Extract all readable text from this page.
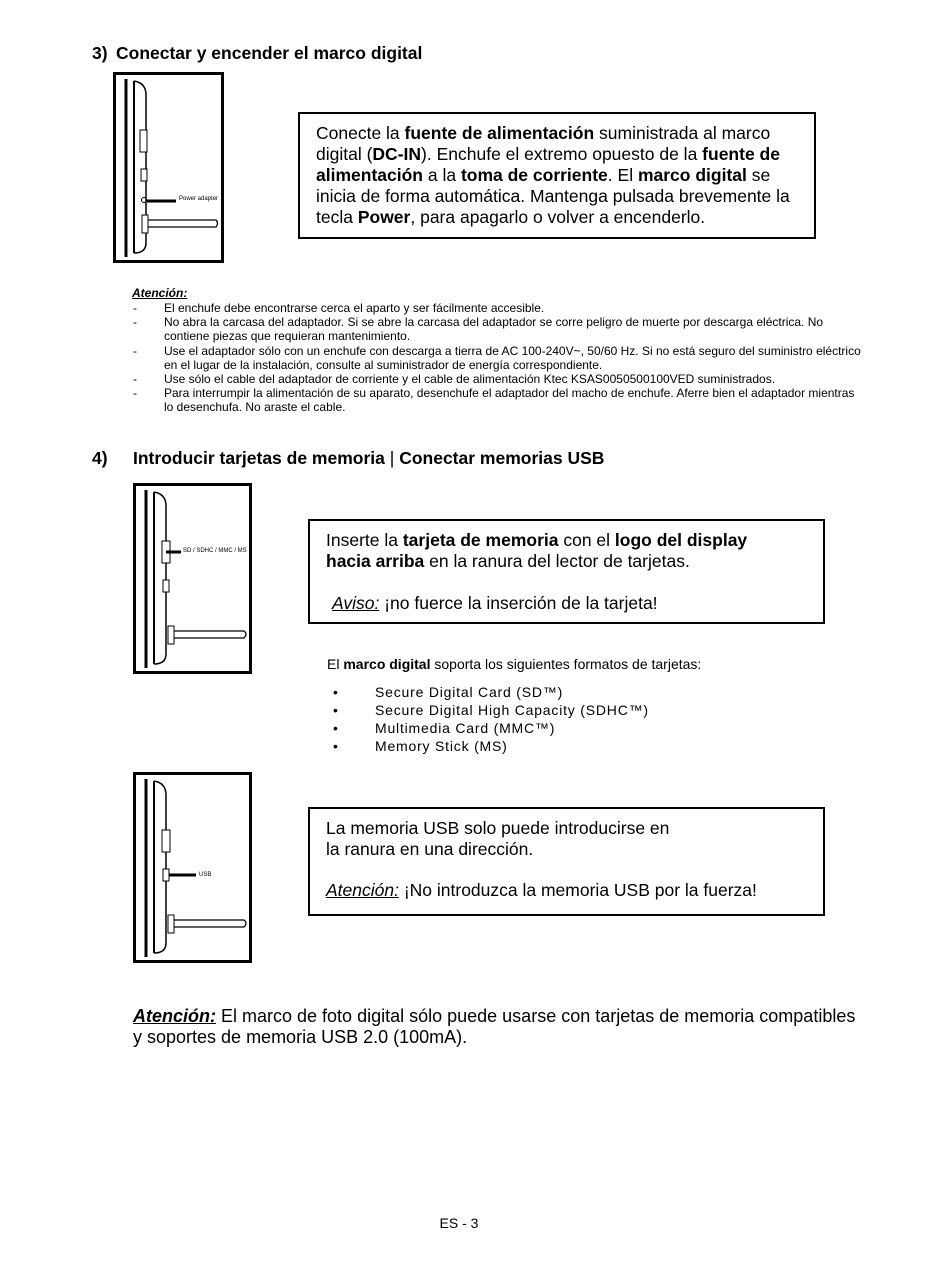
3) Conectar y encender el marco digital
Power adapter
Conecte la fuente de alimentación suministrada al marco digital (DC-IN). Enchufe el extremo opuesto de la fuente de alimentación a la toma de corriente. El marco digital se inicia de forma automática. Mantenga pulsada brevemente la tecla Power, para apagarlo o volver a encenderlo.
Atención:
- El enchufe debe encontrarse cerca el aparto y ser fácilmente accesible.
- No abra la carcasa del adaptador. Si se abre la carcasa del adaptador se corre peligro de muerte por descarga eléctrica. No contiene piezas que requieran mantenimiento.
- Use el adaptador sólo con un enchufe con descarga a tierra de AC 100-240V~, 50/60 Hz. Si no está seguro del suministro eléctrico en el lugar de la instalación, consulte al suministrador de energía correspondiente.
- Use sólo el cable del adaptador de corriente y el cable de alimentación Ktec KSAS0050500100VED suministrados.
- Para interrumpir la alimentación de su aparato, desenchufe el adaptador del macho de enchufe. Aferre bien el adaptador mientras lo desenchufa. No araste el cable.
4) Introducir tarjetas de memoria | Conectar memorias USB
SD / SDHC / MMC / MS
Inserte la tarjeta de memoria con el logo del display
hacia arriba en la ranura del lector de tarjetas.
Aviso: ¡no fuerce la inserción de la tarjeta!
El marco digital soporta los siguientes formatos de tarjetas:
•	Secure Digital Card (SD™)
•	Secure Digital High Capacity (SDHC™)
•	Multimedia Card (MMC™)
•	Memory Stick (MS)
USB
La memoria USB solo puede introducirse en
la ranura en una dirección.
Atención: ¡No introduzca la memoria USB por la fuerza!
Atención: El marco de foto digital sólo puede usarse con tarjetas de memoria compatibles
y soportes de memoria USB 2.0 (100mA).
ES - 3
